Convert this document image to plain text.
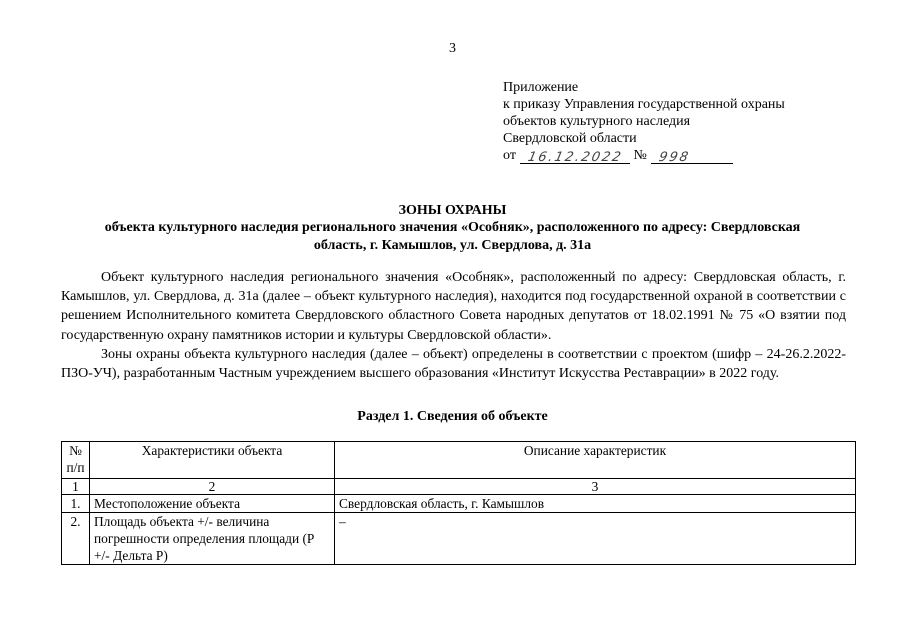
3
Приложение
к приказу Управления государственной охраны
объектов культурного наследия
Свердловской области
от 16.12.2022 № 998
ЗОНЫ ОХРАНЫ
объекта культурного наследия регионального значения «Особняк», расположенного по адресу: Свердловская
область, г. Камышлов, ул. Свердлова, д. 31а

Объект культурного наследия регионального значения «Особняк», расположенный по адресу: Свердловская область, г. Камышлов, ул. Свердлова, д. 31а (далее – объект культурного наследия), находится под государственной охраной в соответствии с решением Исполнительного комитета Свердловского областного Совета народных депутатов от 18.02.1991 № 75 «О взятии под государственную охрану памятников истории и культуры Свердловской области».

Зоны охраны объекта культурного наследия (далее – объект) определены в соответствии с проектом (шифр – 24-26.2.2022-ПЗО-УЧ), разработанным Частным учреждением высшего образования «Институт Искусства Реставрации» в 2022 году.

Раздел 1. Сведения об объекте
№ п/п	Характеристики объекта	Описание характеристик
1	2	3
1.	Местоположение объекта	Свердловская область, г. Камышлов
2.	Площадь объекта +/- величина погрешности определения площади (Р +/- Дельта Р)	–
